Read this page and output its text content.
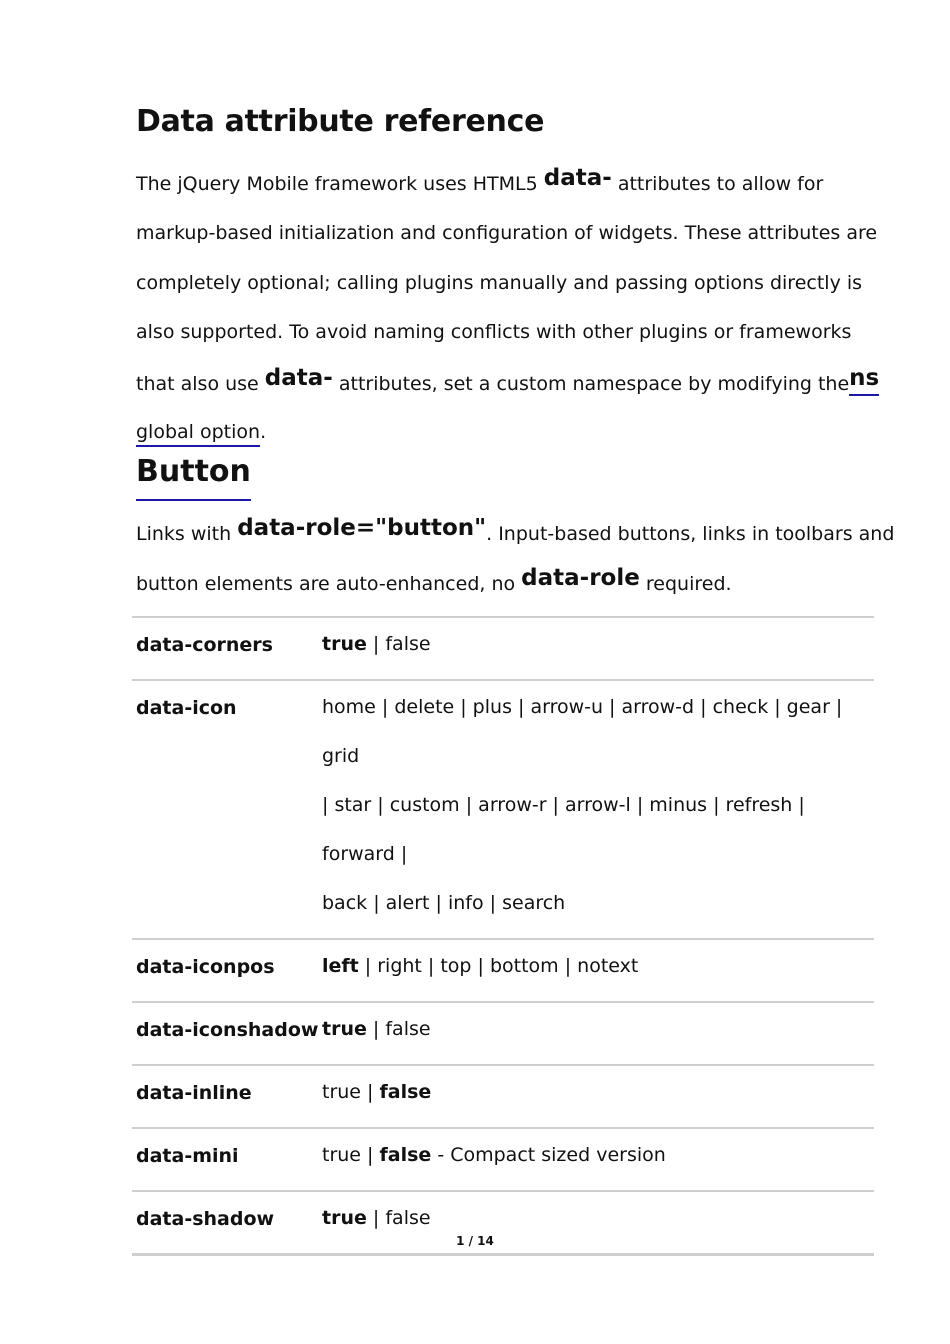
Data attribute reference
The jQuery Mobile framework uses HTML5 data- attributes to allow for
markup-based initialization and configuration of widgets. These attributes are
completely optional; calling plugins manually and passing options directly is
also supported. To avoid naming conflicts with other plugins or frameworks
that also use data- attributes, set a custom namespace by modifying thens
global option.
Button
Links with data-role="button". Input-based buttons, links in toolbars and
button elements are auto-enhanced, no data-role required.
data-corners	true | false
data-icon	home | delete | plus | arrow-u | arrow-d | check | gear | grid
| star | custom | arrow-r | arrow-l | minus | refresh | forward |
back | alert | info | search

data-iconpos	left | right | top | bottom | notext
data-iconshadow	true | false
data-inline	true | false
data-mini	true | false - Compact sized version
data-shadow	true | false
1 / 14
